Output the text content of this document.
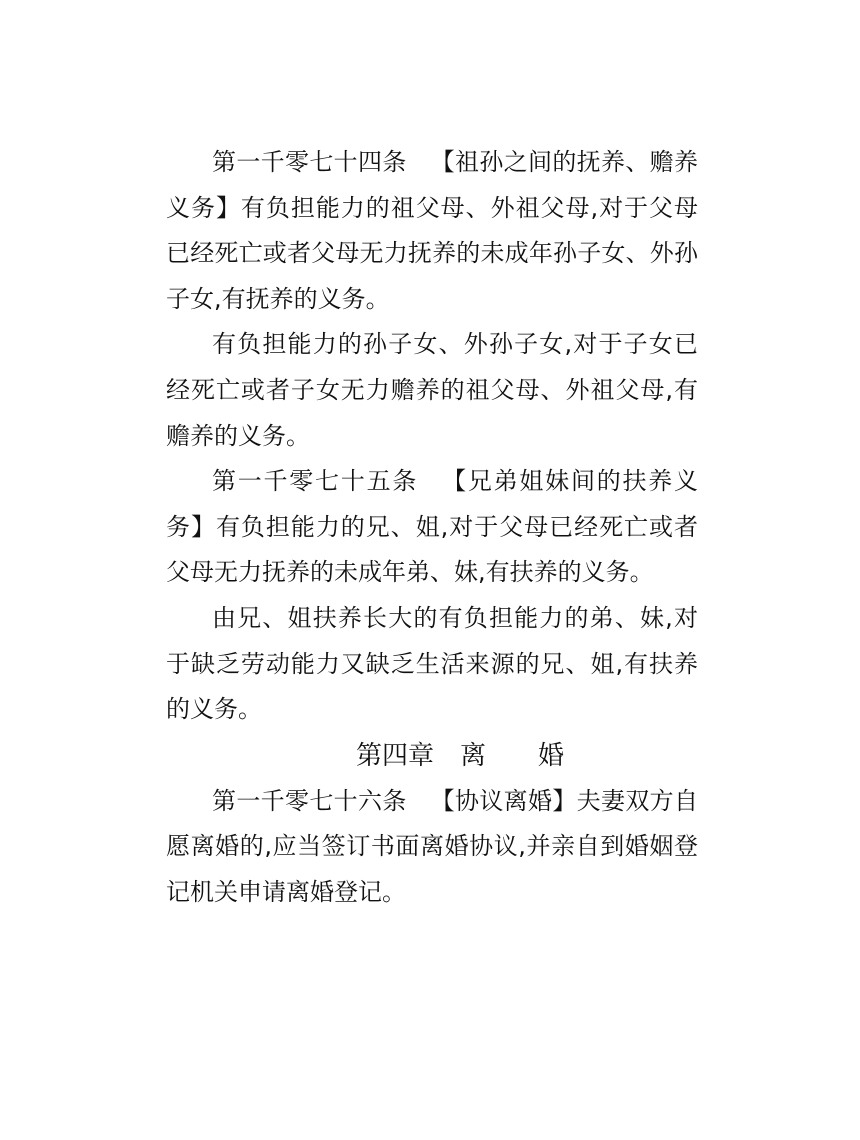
第一千零七十四条 【祖孙之间的抚养、赡养义务】有负担能力的祖父母、外祖父母,对于父母已经死亡或者父母无力抚养的未成年孙子女、外孙子女,有抚养的义务。

有负担能力的孙子女、外孙子女,对于子女已经死亡或者子女无力赡养的祖父母、外祖父母,有赡养的义务。

第一千零七十五条 【兄弟姐妹间的扶养义务】有负担能力的兄、姐,对于父母已经死亡或者父母无力抚养的未成年弟、妹,有扶养的义务。

由兄、姐扶养长大的有负担能力的弟、妹,对于缺乏劳动能力又缺乏生活来源的兄、姐,有扶养的义务。

第四章　离　　婚

第一千零七十六条 【协议离婚】夫妻双方自愿离婚的,应当签订书面离婚协议,并亲自到婚姻登记机关申请离婚登记。
